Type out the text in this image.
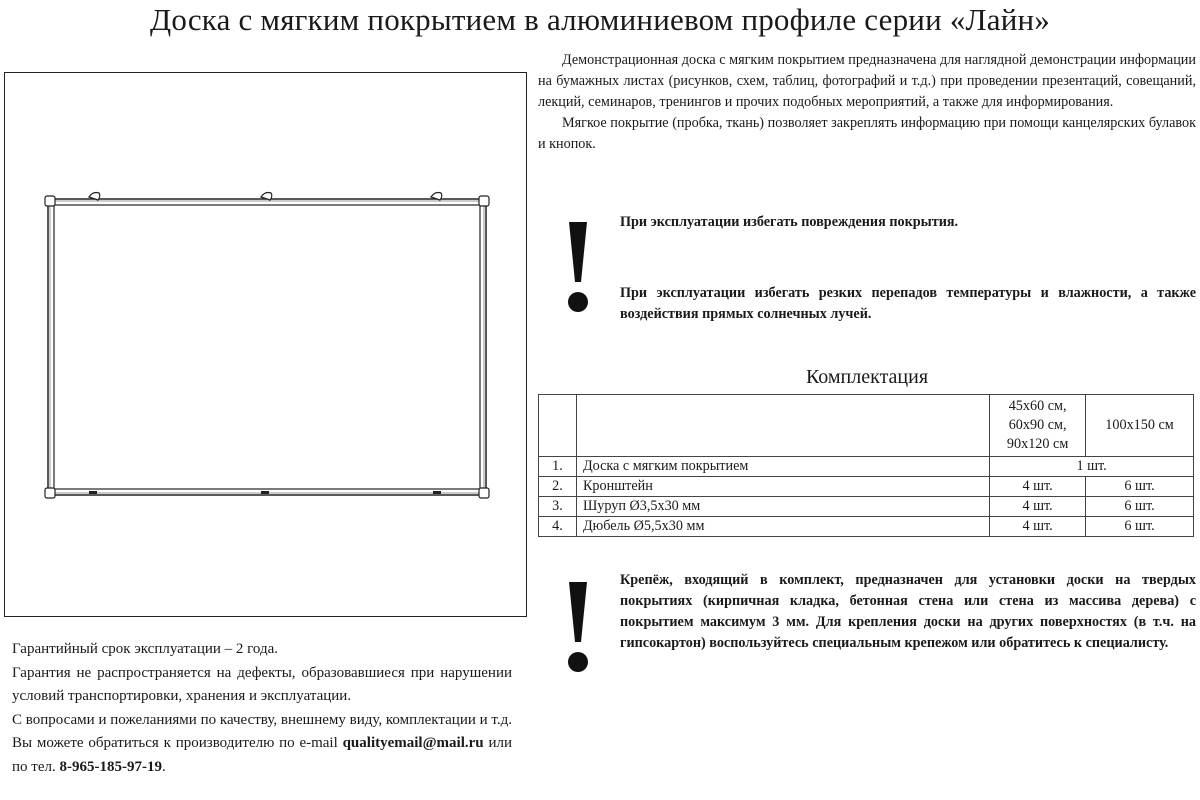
Доска с мягким покрытием в алюминиевом профиле серии «Лайн»

Демонстрационная доска с мягким покрытием предназначена для наглядной демонстрации информации на бумажных листах (рисунков, схем, таблиц, фотографий и т.д.) при проведении презентаций, совещаний, лекций, семинаров, тренингов и прочих подобных мероприятий, а также для информирования.

Мягкое покрытие (пробка, ткань) позволяет закреплять информацию при помощи канцелярских булавок и кнопок.

При эксплуатации избегать повреждения покрытия.
При эксплуатации избегать резких перепадов температуры и влажности, а также воздействия прямых солнечных лучей.
Комплектация

		45x60 см,
60x90 см,
90x120 см	100x150 см
1.	Доска с мягким покрытием	1 шт.	
2.	Кронштейн	4 шт.	6 шт.
3.	Шуруп Ø3,5x30 мм	4 шт.	6 шт.
4.	Дюбель Ø5,5x30 мм	4 шт.	6 шт.
Крепёж, входящий в комплект, предназначен для установки доски на твердых покрытиях (кирпичная кладка, бетонная стена или стена из массива дерева) с покрытием максимум 3 мм. Для крепления доски на других поверхностях (в т.ч. на гипсокартон) воспользуйтесь специальным крепежом или обратитесь к специалисту.

Гарантийный срок эксплуатации – 2 года.

Гарантия не распространяется на дефекты, образовавшиеся при нарушении условий транспортировки, хранения и эксплуатации.

С вопросами и пожеланиями по качеству, внешнему виду, комплектации и т.д. Вы можете обратиться к производителю по e-mail qualityemail@mail.ru или по тел. 8-965-185-97-19.
